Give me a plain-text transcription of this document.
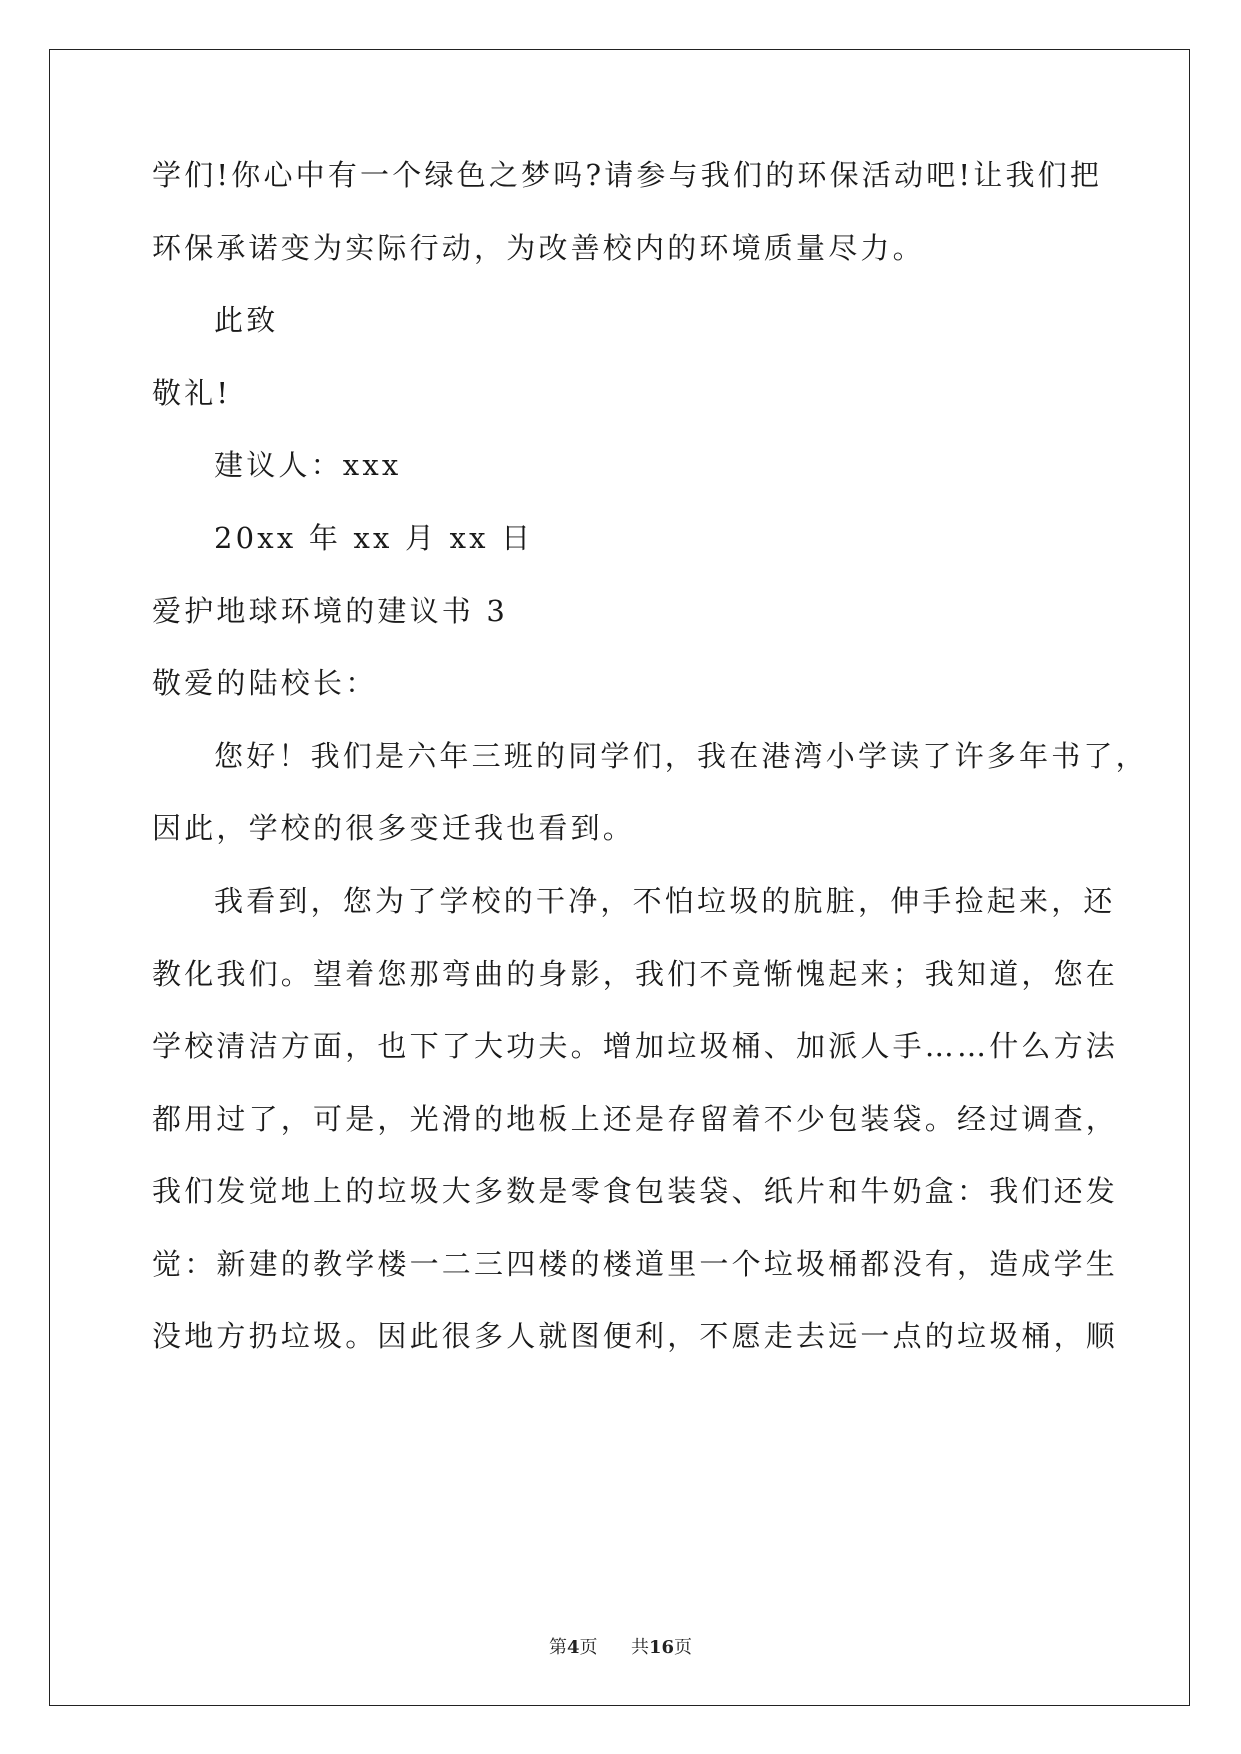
学们!你心中有一个绿色之梦吗?请参与我们的环保活动吧!让我们把
环保承诺变为实际行动，为改善校内的环境质量尽力。
此致
敬礼!
建议人：xxx
20xx 年 xx 月 xx 日
爱护地球环境的建议书 3
敬爱的陆校长：
您好！我们是六年三班的同学们，我在港湾小学读了许多年书了，
因此，学校的很多变迁我也看到。
我看到，您为了学校的干净，不怕垃圾的肮脏，伸手捡起来，还
教化我们。望着您那弯曲的身影，我们不竟惭愧起来；我知道，您在
学校清洁方面，也下了大功夫。增加垃圾桶、加派人手……什么方法
都用过了，可是，光滑的地板上还是存留着不少包装袋。经过调查，
我们发觉地上的垃圾大多数是零食包装袋、纸片和牛奶盒：我们还发
觉：新建的教学楼一二三四楼的楼道里一个垃圾桶都没有，造成学生
没地方扔垃圾。因此很多人就图便利，不愿走去远一点的垃圾桶，顺
第4页 共16页
